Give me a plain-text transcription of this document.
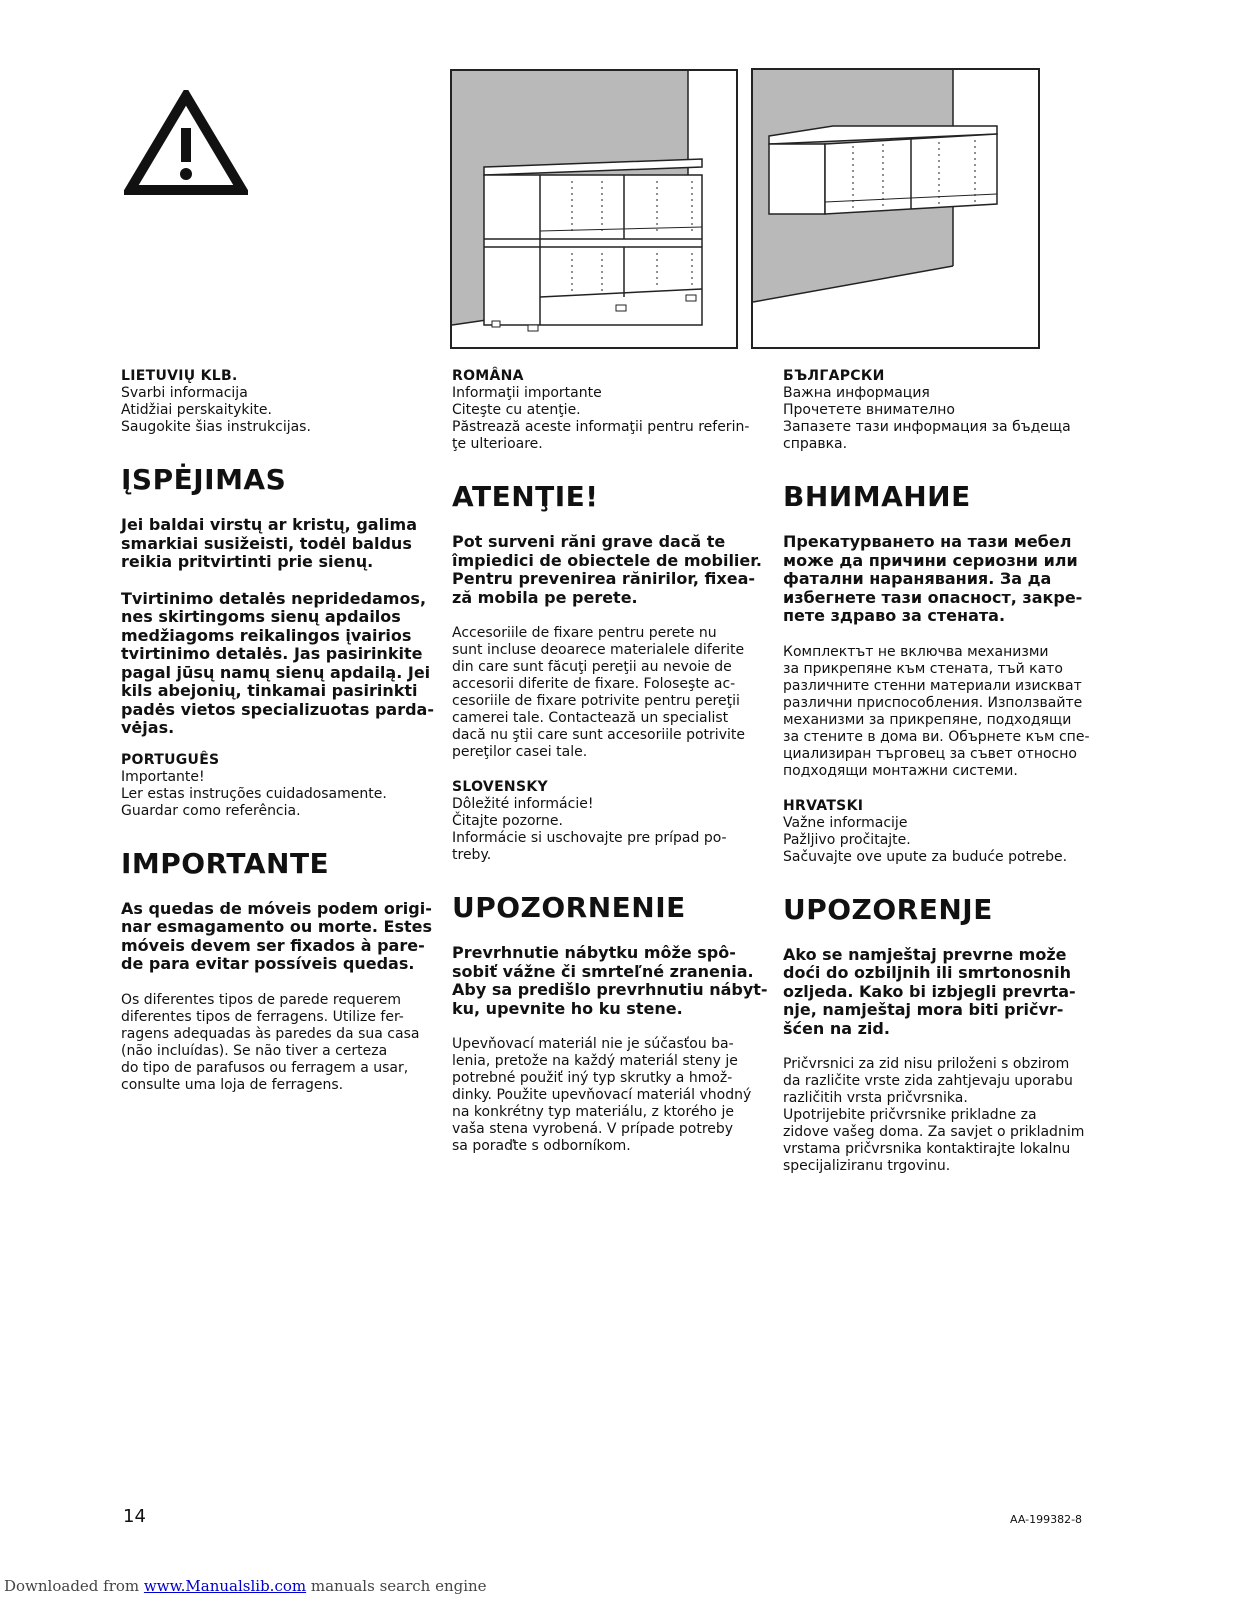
LIETUVIŲ KLB.
Svarbi informacija
Atidžiai perskaitykite.
Saugokite šias instrukcijas.
ĮSPĖJIMAS
Jei baldai virstų ar kristų, galima
smarkiai susižeisti, todėl baldus
reikia pritvirtinti prie sienų.
Tvirtinimo detalės nepridedamos,
nes skirtingoms sienų apdailos
medžiagoms reikalingos įvairios
tvirtinimo detalės. Jas pasirinkite
pagal jūsų namų sienų apdailą. Jei
kils abejonių, tinkamai pasirinkti
padės vietos specializuotas parda-
vėjas.
PORTUGUÊS
Importante!
Ler estas instruções cuidadosamente.
Guardar como referência.
IMPORTANTE
As quedas de móveis podem origi-
nar esmagamento ou morte. Estes
móveis devem ser fixados à pare-
de para evitar possíveis quedas.
Os diferentes tipos de parede requerem
diferentes tipos de ferragens. Utilize fer-
ragens adequadas às paredes da sua casa
(não incluídas). Se não tiver a certeza
do tipo de parafusos ou ferragem a usar,
consulte uma loja de ferragens.
ROMÂNA
Informaţii importante
Citeşte cu atenţie.
Păstrează aceste informaţii pentru referin-
ţe ulterioare.
ATENŢIE!
Pot surveni răni grave dacă te
împiedici de obiectele de mobilier.
Pentru prevenirea rănirilor, fixea-
ză mobila pe perete.
Accesoriile de fixare pentru perete nu
sunt incluse deoarece materialele diferite
din care sunt făcuţi pereţii au nevoie de
accesorii diferite de fixare. Foloseşte ac-
cesoriile de fixare potrivite pentru pereţii
camerei tale. Contactează un specialist
dacă nu ştii care sunt accesoriile potrivite
pereţilor casei tale.
SLOVENSKY
Dôležité informácie!
Čitajte pozorne.
Informácie si uschovajte pre prípad po-
treby.
UPOZORNENIE
Prevrhnutie nábytku môže spô-
sobiť vážne či smrteľné zranenia.
Aby sa predišlo prevrhnutiu nábyt-
ku, upevnite ho ku stene.
Upevňovací materiál nie je súčasťou ba-
lenia, pretože na každý materiál steny je
potrebné použiť iný typ skrutky a hmož-
dinky. Použite upevňovací materiál vhodný
na konkrétny typ materiálu, z ktorého je
vaša stena vyrobená. V prípade potreby
sa poraďte s odborníkom.
БЪЛГАРСКИ
Важна информация
Прочетете внимателно
Запазете тази информация за бъдеща
справка.
ВНИМАНИЕ
Прекатурването на тази мебел
може да причини сериозни или
фатални наранявания. За да
избегнете тази опасност, закре-
пете здраво за стената.
Комплектът не включва механизми
за прикрепяне към стената, тъй като
различните стенни материали изискват
различни приспособления. Използвайте
механизми за прикрепяне, подходящи
за стените в дома ви. Обърнете към спе-
циализиран търговец за съвет относно
подходящи монтажни системи.
HRVATSKI
Važne informacije
Pažljivo pročitajte.
Sačuvajte ove upute za buduće potrebe.
UPOZORENJE
Ako se namještaj prevrne može
doći do ozbiljnih ili smrtonosnih
ozljeda. Kako bi izbjegli prevrta-
nje, namještaj mora biti pričvr-
šćen na zid.
Pričvrsnici za zid nisu priloženi s obzirom
da različite vrste zida zahtjevaju uporabu
različitih vrsta pričvrsnika.
Upotrijebite pričvrsnike prikladne za
zidove vašeg doma. Za savjet o prikladnim
vrstama pričvrsnika kontaktirajte lokalnu
specijaliziranu trgovinu.
14	AA-199382-8
Downloaded from www.Manualslib.com manuals search engine
